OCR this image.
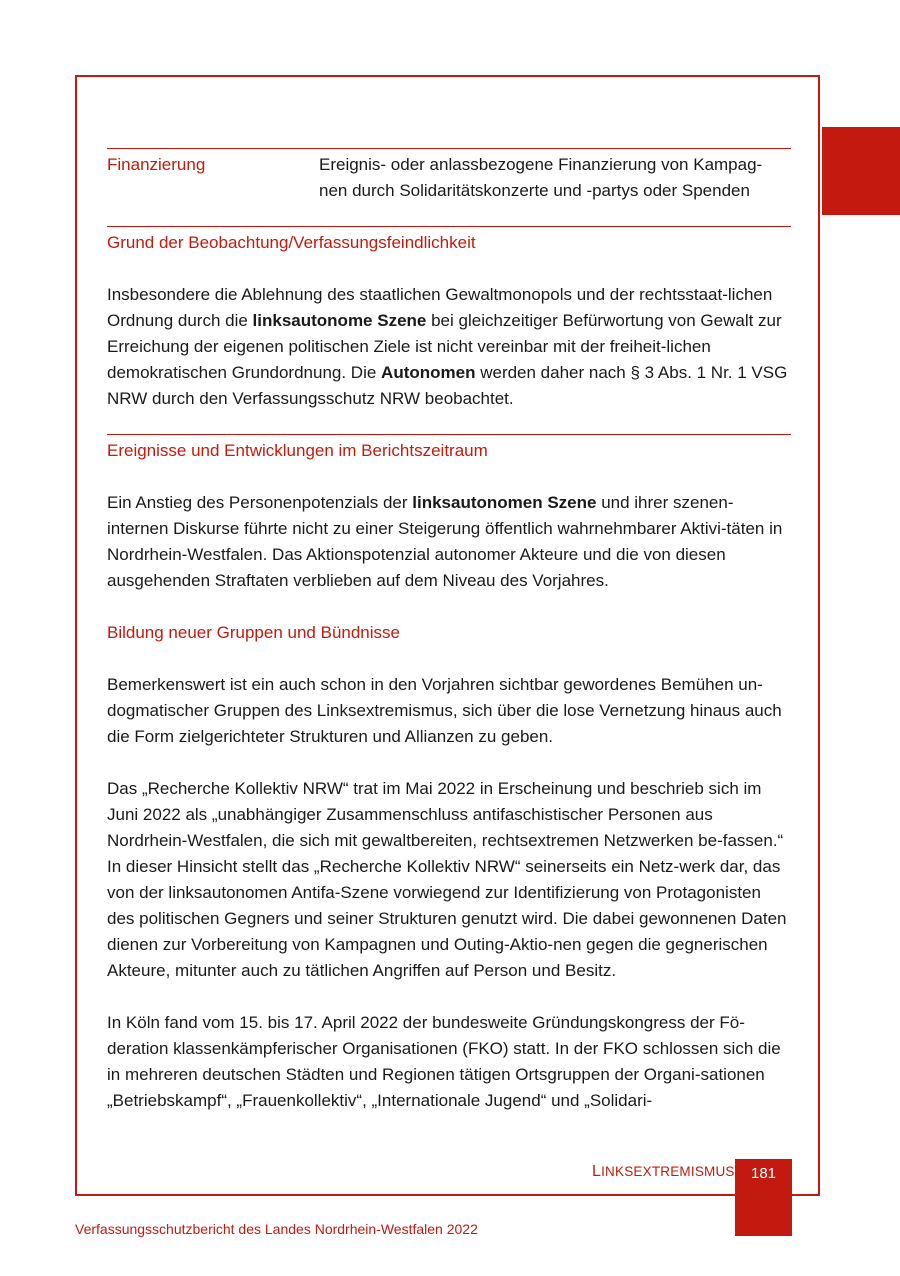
Finanzierung	Ereignis- oder anlassbezogene Finanzierung von Kampag-
nen durch Solidaritätskonzerte und -partys oder Spenden
Grund der Beobachtung/Verfassungsfeindlichkeit

Insbesondere die Ablehnung des staatlichen Gewaltmonopols und der rechtsstaat-lichen Ordnung durch die linksautonome Szene bei gleichzeitiger Befürwortung von Gewalt zur Erreichung der eigenen politischen Ziele ist nicht vereinbar mit der freiheit-lichen demokratischen Grundordnung. Die Autonomen werden daher nach § 3 Abs. 1 Nr. 1 VSG NRW durch den Verfassungsschutz NRW beobachtet.

Ereignisse und Entwicklungen im Berichtszeitraum

Ein Anstieg des Personenpotenzials der linksautonomen Szene und ihrer szenen-internen Diskurse führte nicht zu einer Steigerung öffentlich wahrnehmbarer Aktivi-täten in Nordrhein-Westfalen. Das Aktionspotenzial autonomer Akteure und die von diesen ausgehenden Straftaten verblieben auf dem Niveau des Vorjahres.

Bildung neuer Gruppen und Bündnisse

Bemerkenswert ist ein auch schon in den Vorjahren sichtbar gewordenes Bemühen un-dogmatischer Gruppen des Linksextremismus, sich über die lose Vernetzung hinaus auch die Form zielgerichteter Strukturen und Allianzen zu geben.

Das „Recherche Kollektiv NRW“ trat im Mai 2022 in Erscheinung und beschrieb sich im Juni 2022 als „unabhängiger Zusammenschluss antifaschistischer Personen aus Nordrhein-Westfalen, die sich mit gewaltbereiten, rechtsextremen Netzwerken be-fassen.“ In dieser Hinsicht stellt das „Recherche Kollektiv NRW“ seinerseits ein Netz-werk dar, das von der linksautonomen Antifa-Szene vorwiegend zur Identifizierung von Protagonisten des politischen Gegners und seiner Strukturen genutzt wird. Die dabei gewonnenen Daten dienen zur Vorbereitung von Kampagnen und Outing-Aktio-nen gegen die gegnerischen Akteure, mitunter auch zu tätlichen Angriffen auf Person und Besitz.

In Köln fand vom 15. bis 17. April 2022 der bundesweite Gründungskongress der Fö-deration klassenkämpferischer Organisationen (FKO) statt. In der FKO schlossen sich die in mehreren deutschen Städten und Regionen tätigen Ortsgruppen der Organi-sationen „Betriebskampf“, „Frauenkollektiv“, „Internationale Jugend“ und „Solidari-

LINKSEXTREMISMUS	181
Verfassungsschutzbericht des Landes Nordrhein-Westfalen 2022
